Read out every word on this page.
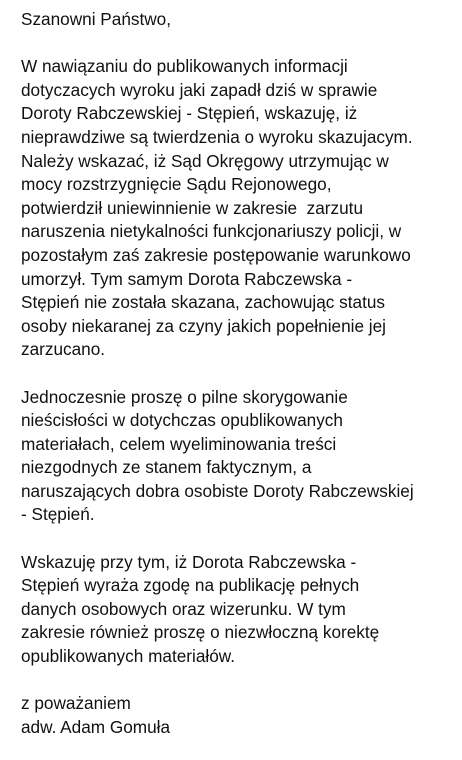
Szanowni Państwo,
W nawiązaniu do publikowanych informacji
dotyczacych wyroku jaki zapadł dziś w sprawie
Doroty Rabczewskiej - Stępień, wskazuję, iż
nieprawdziwe są twierdzenia o wyroku skazujacym.
Należy wskazać, iż Sąd Okręgowy utrzymując w
mocy rozstrzygnięcie Sądu Rejonowego,
potwierdził uniewinnienie w zakresie  zarzutu
naruszenia nietykalności funkcjonariuszy policji, w
pozostałym zaś zakresie postępowanie warunkowo
umorzył. Tym samym Dorota Rabczewska -
Stępień nie została skazana, zachowując status
osoby niekaranej za czyny jakich popełnienie jej
zarzucano.
Jednoczesnie proszę o pilne skorygowanie
nieścisłości w dotychczas opublikowanych
materiałach, celem wyeliminowania treści
niezgodnych ze stanem faktycznym, a
naruszających dobra osobiste Doroty Rabczewskiej
- Stępień.
Wskazuję przy tym, iż Dorota Rabczewska -
Stępień wyraża zgodę na publikację pełnych
danych osobowych oraz wizerunku. W tym
zakresie również proszę o niezwłoczną korektę
opublikowanych materiałów.
z poważaniem
adw. Adam Gomuła
